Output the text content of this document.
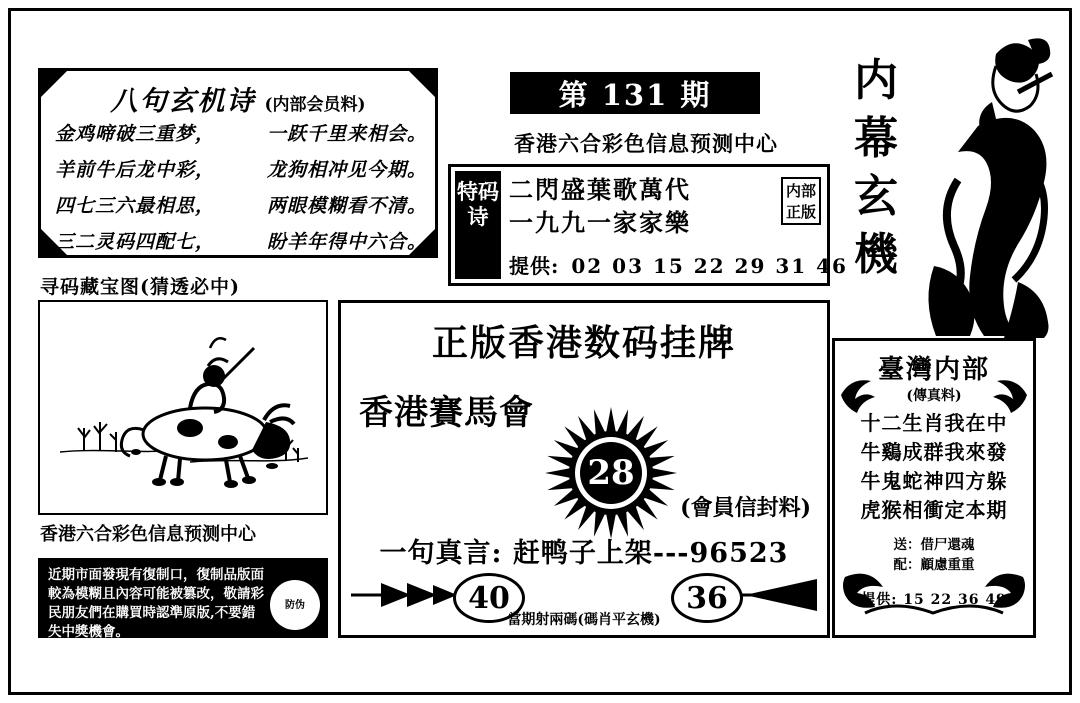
八句玄机诗 (内部会员料)
金鸡啼破三重梦，	一跃千里来相会。
羊前牛后龙中彩，	龙狗相冲见今期。
四七三六最相思，	两眼模糊看不清。
三二灵码四配七，	盼羊年得中六合。
寻码藏宝图(猜透必中)
香港六合彩色信息预测中心
近期市面發現有復制口，復制品版面較為模糊且內容可能被篡改，敬請彩民朋友們在購買時認準原版,不要錯失中獎機會。
防伪
第 131 期
香港六合彩色信息预测中心
特码诗
二閃盛葉歌萬代
一九九一家家樂
内部
正版
提供: 02 03 15 22 29 31 46
正版香港数码挂牌
香港賽馬會
28
(會員信封料)
一句真言: 赶鸭子上架---96523
40	36
當期射兩碼(碼肖平玄機)
内
幕
玄
機
臺灣内部
(傳真料)
十二生肖我在中
牛鷄成群我來發
牛鬼蛇神四方躲
虎猴相衝定本期
送：借尸還魂
配：顧慮重重
提供: 15 22 36 49
